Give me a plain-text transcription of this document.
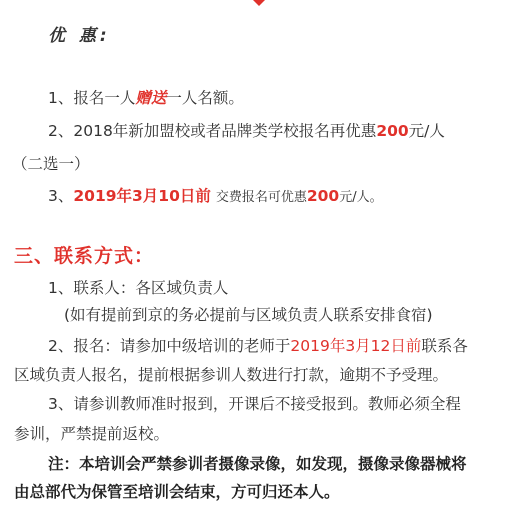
优 惠:
1、报名一人赠送一人名额。
2、2018年新加盟校或者品牌类学校报名再优惠200元/人
（二选一）
3、2019年3月10日前 交费报名可优惠200元/人。
三、联系方式：
1、联系人：各区域负责人
(如有提前到京的务必提前与区域负责人联系安排食宿)
2、报名：请参加中级培训的老师于2019年3月12日前联系各
区域负责人报名，提前根据参训人数进行打款，逾期不予受理。
3、请参训教师准时报到，开课后不接受报到。教师必须全程
参训，严禁提前返校。
注：本培训会严禁参训者摄像录像，如发现，摄像录像器械将
由总部代为保管至培训会结束，方可归还本人。
